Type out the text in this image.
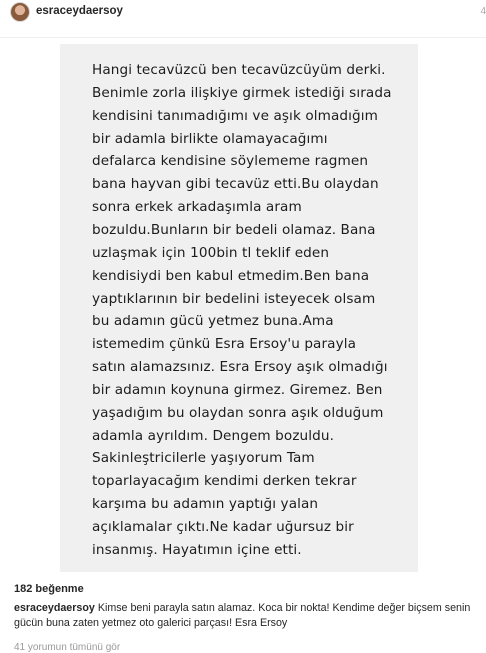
esraceydaersoy	4
Hangi tecavüzcü ben tecavüzcüyüm derki.
Benimle zorla ilişkiye girmek istediği sırada
kendisini tanımadığımı ve aşık olmadığım
bir adamla birlikte olamayacağımı
defalarca kendisine söylememe ragmen
bana hayvan gibi tecavüz etti.Bu olaydan
sonra erkek arkadaşımla aram
bozuldu.Bunların bir bedeli olamaz. Bana
uzlaşmak için 100bin tl teklif eden
kendisiydi ben kabul etmedim.Ben bana
yaptıklarının bir bedelini isteyecek olsam
bu adamın gücü yetmez buna.Ama
istemedim çünkü Esra Ersoy'u parayla
satın alamazsınız. Esra Ersoy aşık olmadığı
bir adamın koynuna girmez. Giremez. Ben
yaşadığım bu olaydan sonra aşık olduğum
adamla ayrıldım. Dengem bozuldu.
Sakinleştricilerle yaşıyorum Tam
toparlayacağım kendimi derken tekrar
karşıma bu adamın yaptığı yalan
açıklamalar çıktı.Ne kadar uğursuz bir
insanmış. Hayatımın içine etti.
182 beğenme
esraceydaersoy Kimse beni parayla satın alamaz. Koca bir nokta! Kendime değer biçsem senin gücün buna zaten yetmez oto galerici parçası! Esra Ersoy
41 yorumun tümünü gör
